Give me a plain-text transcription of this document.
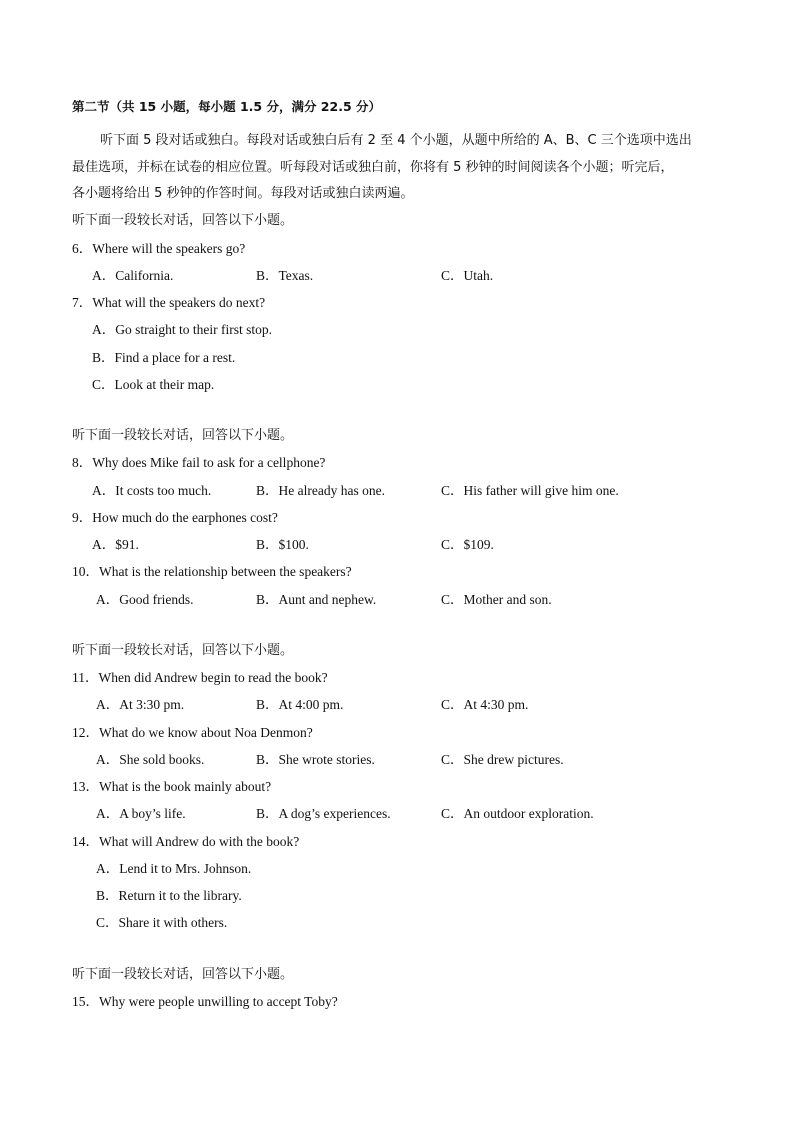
第二节（共 15 小题，每小题 1.5 分，满分 22.5 分）
听下面 5 段对话或独白。每段对话或独白后有 2 至 4 个小题，从题中所给的 A、B、C 三个选项中选出
最佳选项，并标在试卷的相应位置。听每段对话或独白前，你将有 5 秒钟的时间阅读各个小题；听完后，
各小题将给出 5 秒钟的作答时间。每段对话或独白读两遍。
听下面一段较长对话，回答以下小题。
6．Where will the speakers go?
A．California.	B．Texas.	C．Utah.
7．What will the speakers do next?
A．Go straight to their first stop.
B．Find a place for a rest.
C．Look at their map.
听下面一段较长对话，回答以下小题。
8．Why does Mike fail to ask for a cellphone?
A．It costs too much.	B．He already has one.	C．His father will give him one.
9．How much do the earphones cost?
A．$91.	B．$100.	C．$109.
10．What is the relationship between the speakers?
A．Good friends.	B．Aunt and nephew.	C．Mother and son.
听下面一段较长对话，回答以下小题。
11．When did Andrew begin to read the book?
A．At 3:30 pm.	B．At 4:00 pm.	C．At 4:30 pm.
12．What do we know about Noa Denmon?
A．She sold books.	B．She wrote stories.	C．She drew pictures.
13．What is the book mainly about?
A．A boy’s life.	B．A dog’s experiences.	C．An outdoor exploration.
14．What will Andrew do with the book?
A．Lend it to Mrs. Johnson.
B．Return it to the library.
C．Share it with others.
听下面一段较长对话，回答以下小题。
15．Why were people unwilling to accept Toby?
